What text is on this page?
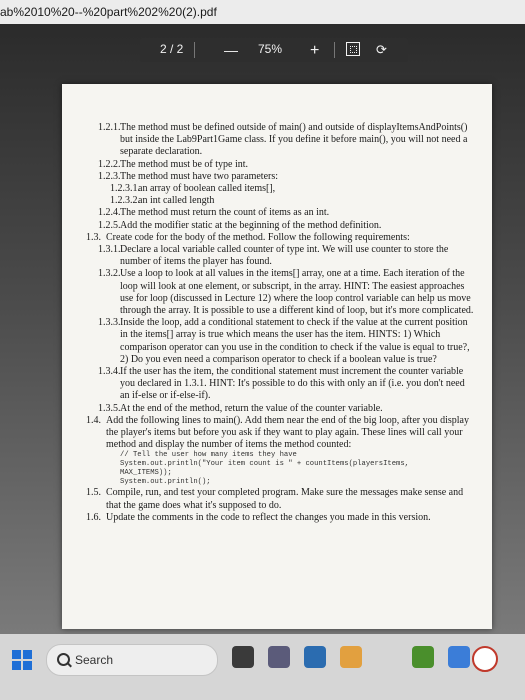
ab%2010%20--%20part%202%20(2).pdf
2 / 2	— 75% +	⟳
1.2.1. The method must be defined outside of main() and outside of displayItemsAndPoints() but inside the Lab9Part1Game class. If you define it before main(), you will not need a separate declaration.
1.2.2. The method must be of type int.
1.2.3. The method must have two parameters:
1.2.3.1.
an array of boolean called items[],
1.2.3.2.
an int called length
1.2.4. The method must return the count of items as an int.
1.2.5. Add the modifier static at the beginning of the method definition.
1.3. Create code for the body of the method. Follow the following requirements:
1.3.1. Declare a local variable called counter of type int. We will use counter to store the number of items the player has found.
1.3.2. Use a loop to look at all values in the items[] array, one at a time. Each iteration of the loop will look at one element, or subscript, in the array. HINT: The easiest approaches use for loop (discussed in Lecture 12) where the loop control variable can help us move through the array. It is possible to use a different kind of loop, but it's more complicated.
1.3.3. Inside the loop, add a conditional statement to check if the value at the current position in the items[] array is true which means the user has the item. HINTS: 1) Which comparison operator can you use in the condition to check if the value is equal to true?, 2) Do you even need a comparison operator to check if a boolean value is true?
1.3.4. If the user has the item, the conditional statement must increment the counter variable you declared in 1.3.1. HINT: It's possible to do this with only an if (i.e. you don't need an if-else or if-else-if).
1.3.5. At the end of the method, return the value of the counter variable.
1.4. Add the following lines to main(). Add them near the end of the big loop, after you display the player's items but before you ask if they want to play again. These lines will call your method and display the number of items the method counted:
// Tell the user how many items they have
System.out.println("Your item count is " + countItems(playersItems,
MAX_ITEMS));
System.out.println();
1.5. Compile, run, and test your completed program. Make sure the messages make sense and that the game does what it's supposed to do.
1.6. Update the comments in the code to reflect the changes you made in this version.
Search
